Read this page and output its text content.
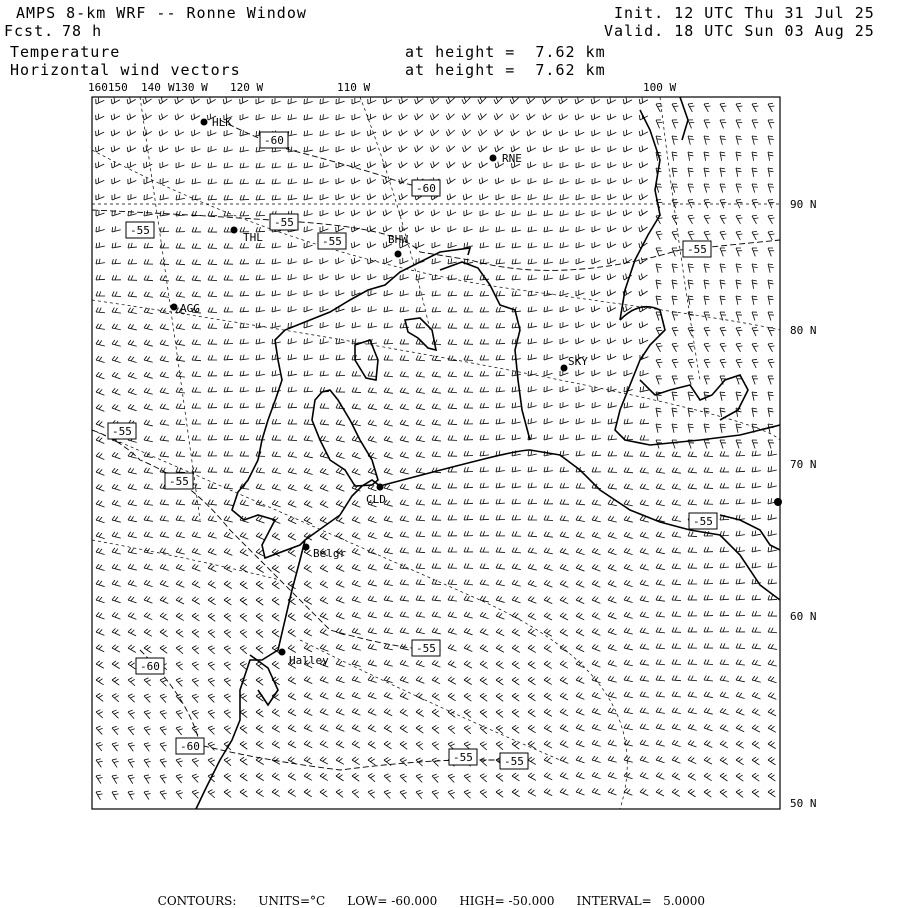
AMPS 8-km WRF -- Ronne Window
Fcst. 78 h
Init. 12 UTC Thu 31 Jul 25
Valid. 18 UTC Sun 03 Aug 25
Temperature
Horizontal wind vectors
at height =  7.62 km
at height =  7.62 km
160150 140 W130 W 120 W	110 W	100 W
90 N
80 N
70 N
60 N
50 N
HLK
RNE
THL	BHW
AGG
SKY
CLD
Belgr
Halley
-60
-60
-55
-55
-55
-55
-55
-55
-55
-60
-55
-60
-55	-55

CONTOURS: UNITS=°C LOW= -60.000 HIGH= -50.000 INTERVAL=   5.0000
